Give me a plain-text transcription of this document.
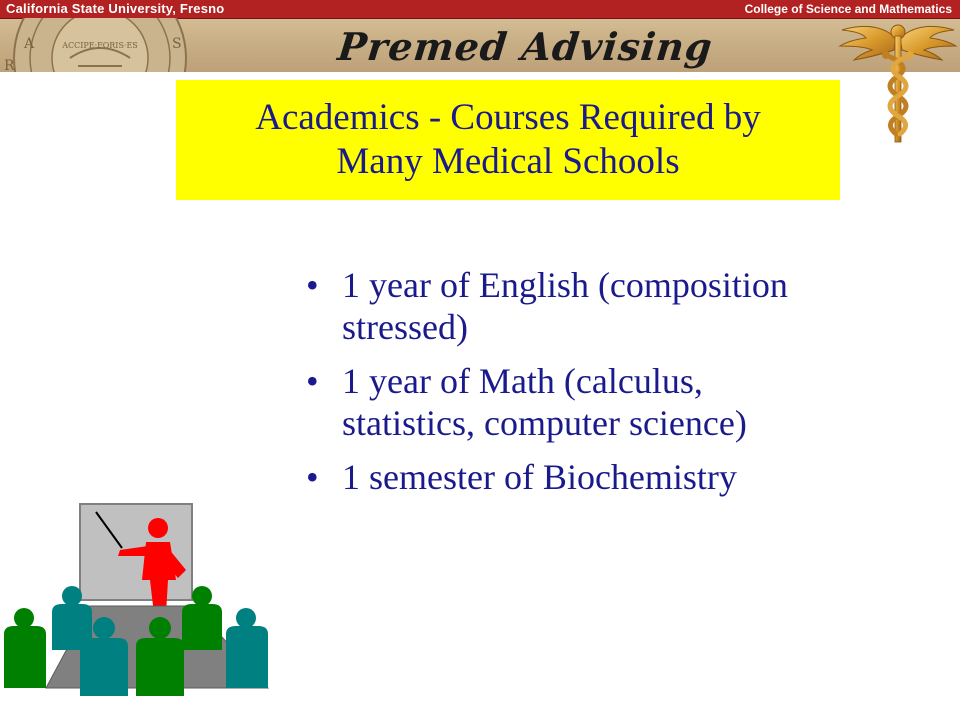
California State University, Fresno	College of Science and Mathematics
A	S
R
ACCIPE·FORIS·ES	Premed Advising
Academics - Courses Required by
Many Medical Schools
• 1 year of English (composition
stressed)
• 1 year of Math (calculus,
statistics, computer science)
• 1 semester of Biochemistry
